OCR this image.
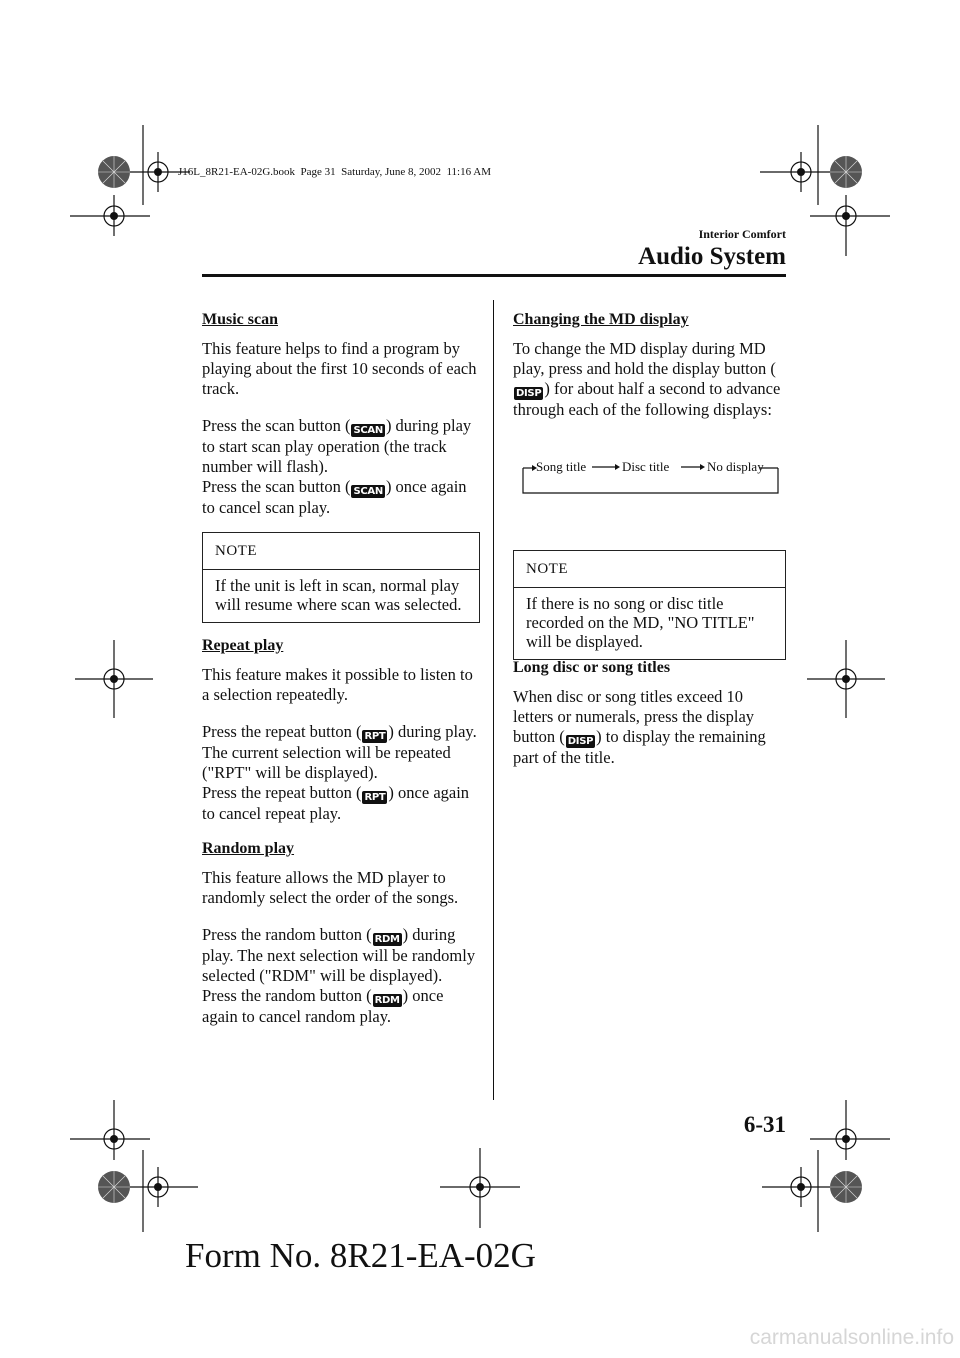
J16L_8R21-EA-02G.book  Page 31  Saturday, June 8, 2002  11:16 AM
Interior Comfort
Audio System
Music scan

This feature helps to find a program by playing about the first 10 seconds of each track.

Press the scan button ( SCAN ) during play to start scan play operation (the track number will flash).
Press the scan button ( SCAN ) once again to cancel scan play.

NOTE
If the unit is left in scan, normal play will resume where scan was selected.
Repeat play

This feature makes it possible to listen to a selection repeatedly.

Press the repeat button ( RPT ) during play. The current selection will be repeated ("RPT" will be displayed).
Press the repeat button ( RPT ) once again to cancel repeat play.

Random play

This feature allows the MD player to randomly select the order of the songs.

Press the random button ( RDM ) during play. The next selection will be randomly selected ("RDM" will be displayed).
Press the random button ( RDM ) once again to cancel random play.

Changing the MD display

To change the MD display during MD play, press and hold the display button (DISP ) for about half a second to advance through each of the following displays:

Song title	Disc title	No display
NOTE
If there is no song or disc title recorded on the MD, "NO TITLE" will be displayed.
Long disc or song titles

When disc or song titles exceed 10 letters or numerals, press the display button ( DISP ) to display the remaining part of the title.

6-31
Form No. 8R21-EA-02G
carmanualsonline.info
